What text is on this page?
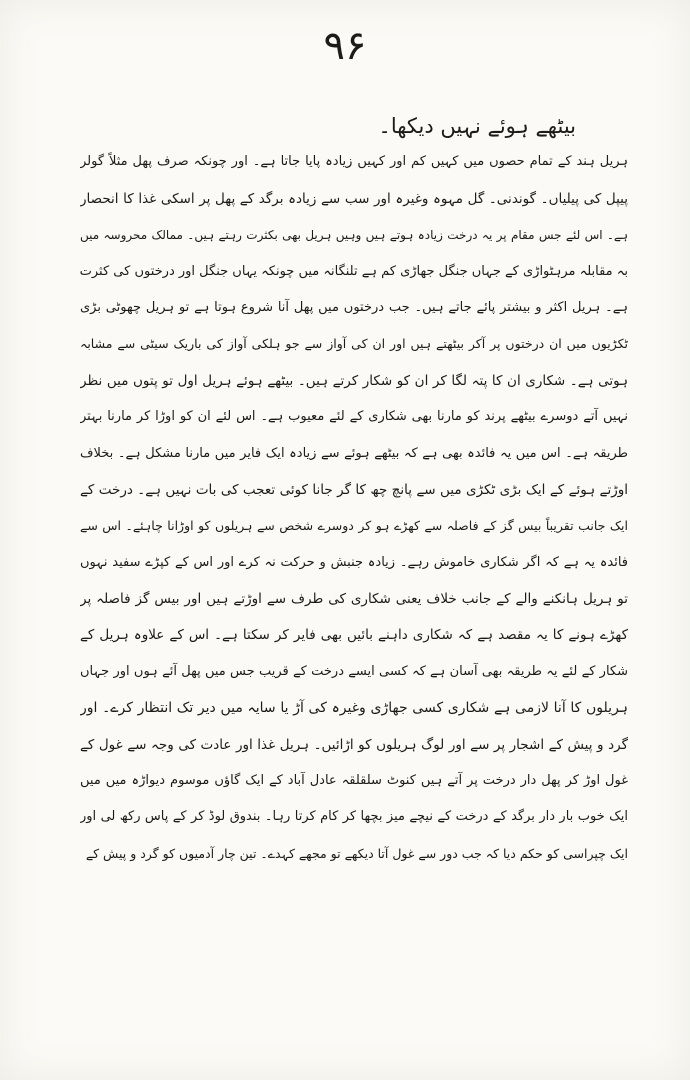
۹۶
بیٹھے ہوئے نہیں دیکھا۔
ہریل ہند کے تمام حصوں میں کہیں کم اور کہیں زیادہ پایا جاتا ہے۔ اور چونکہ صرف پھل مثلاً گولر
پیپل کی پیلیاں۔ گوندنی۔ گل مہوہ وغیرہ اور سب سے زیادہ برگد کے پھل پر اسکی غذا کا انحصار
ہے۔ اس لئے جس مقام پر یہ درخت زیادہ ہوتے ہیں وہیں ہریل بھی بکثرت رہتے ہیں۔ ممالک محروسہ میں
بہ مقابلہ مرہٹواڑی کے جہاں جنگل جھاڑی کم ہے تلنگانہ میں چونکہ یہاں جنگل اور درختوں کی کثرت
ہے۔ ہریل اکثر و بیشتر پائے جاتے ہیں۔ جب درختوں میں پھل آنا شروع ہوتا ہے تو ہریل چھوٹی بڑی
ٹکڑیوں میں ان درختوں پر آکر بیٹھتے ہیں اور ان کی آواز سے جو ہلکی آواز کی باریک سیٹی سے مشابہ
ہوتی ہے۔ شکاری ان کا پتہ لگا کر ان کو شکار کرتے ہیں۔ بیٹھے ہوئے ہریل اول تو پتوں میں نظر
نہیں آتے دوسرے بیٹھے پرند کو مارنا بھی شکاری کے لئے معیوب ہے۔ اس لئے ان کو اوڑا کر مارنا بہتر
طریقہ ہے۔ اس میں یہ فائدہ بھی ہے کہ بیٹھے ہوئے سے زیادہ ایک فایر میں مارنا مشکل ہے۔ بخلاف
اوڑتے ہوئے کے ایک بڑی ٹکڑی میں سے پانچ چھ کا گر جانا کوئی تعجب کی بات نہیں ہے۔ درخت کے
ایک جانب تقریباً بیس گز کے فاصلہ سے کھڑے ہو کر دوسرے شخص سے ہریلوں کو اوڑانا چاہئے۔ اس سے
فائدہ یہ ہے کہ اگر شکاری خاموش رہے۔ زیادہ جنبش و حرکت نہ کرے اور اس کے کپڑے سفید نہوں
تو ہریل ہانکنے والے کے جانب خلاف یعنی شکاری کی طرف سے اوڑتے ہیں اور بیس گز فاصلہ پر
کھڑے ہونے کا یہ مقصد ہے کہ شکاری داہنے بائیں بھی فایر کر سکتا ہے۔ اس کے علاوہ ہریل کے
شکار کے لئے یہ طریقہ بھی آسان ہے کہ کسی ایسے درخت کے قریب جس میں پھل آئے ہوں اور جہاں
ہریلوں کا آنا لازمی ہے شکاری کسی جھاڑی وغیرہ کی آڑ یا سایہ میں دیر تک انتظار کرے۔ اور
گرد و پیش کے اشجار پر سے اور لوگ ہریلوں کو اڑائیں۔ ہریل غذا اور عادت کی وجہ سے غول کے
غول اوڑ کر پھل دار درخت پر آتے ہیں کنوٹ سلقلقہ عادل آباد کے ایک گاؤں موسوم دیواڑہ میں میں
ایک خوب بار دار برگد کے درخت کے نیچے میز بچھا کر کام کرتا رہا۔ بندوق لوڈ کر کے پاس رکھ لی اور
ایک چپراسی کو حکم دیا کہ جب دور سے غول آتا دیکھے تو مجھے کہدے۔ تین چار آدمیوں کو گرد و پیش کے
